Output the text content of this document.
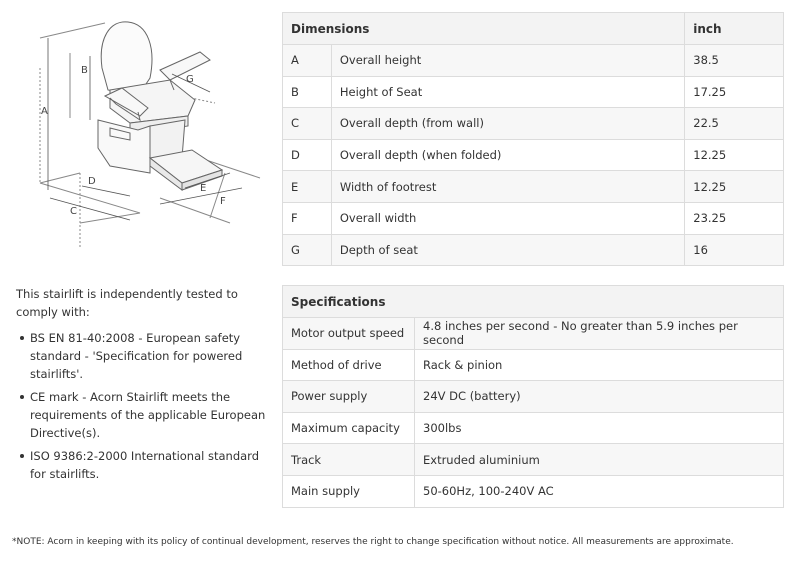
A
B
C
D
E
F
G

This stairlift is independently tested to comply with:

BS EN 81-40:2008 - European safety standard - 'Specification for powered stairlifts'.
CE mark - Acorn Stairlift meets the requirements of the applicable European Directive(s).
ISO 9386:2-2000 International standard for stairlifts.
Dimensions		inch
A	Overall height	38.5
B	Height of Seat	17.25
C	Overall depth (from wall)	22.5
D	Overall depth (when folded)	12.25
E	Width of footrest	12.25
F	Overall width	23.25
G	Depth of seat	16
Specifications	
Motor output speed	4.8 inches per second - No greater than 5.9 inches per second
Method of drive	Rack & pinion
Power supply	24V DC (battery)
Maximum capacity	300lbs
Track	Extruded aluminium
Main supply	50-60Hz, 100-240V AC
*NOTE: Acorn in keeping with its policy of continual development, reserves the right to change specification without notice. All measurements are approximate.
